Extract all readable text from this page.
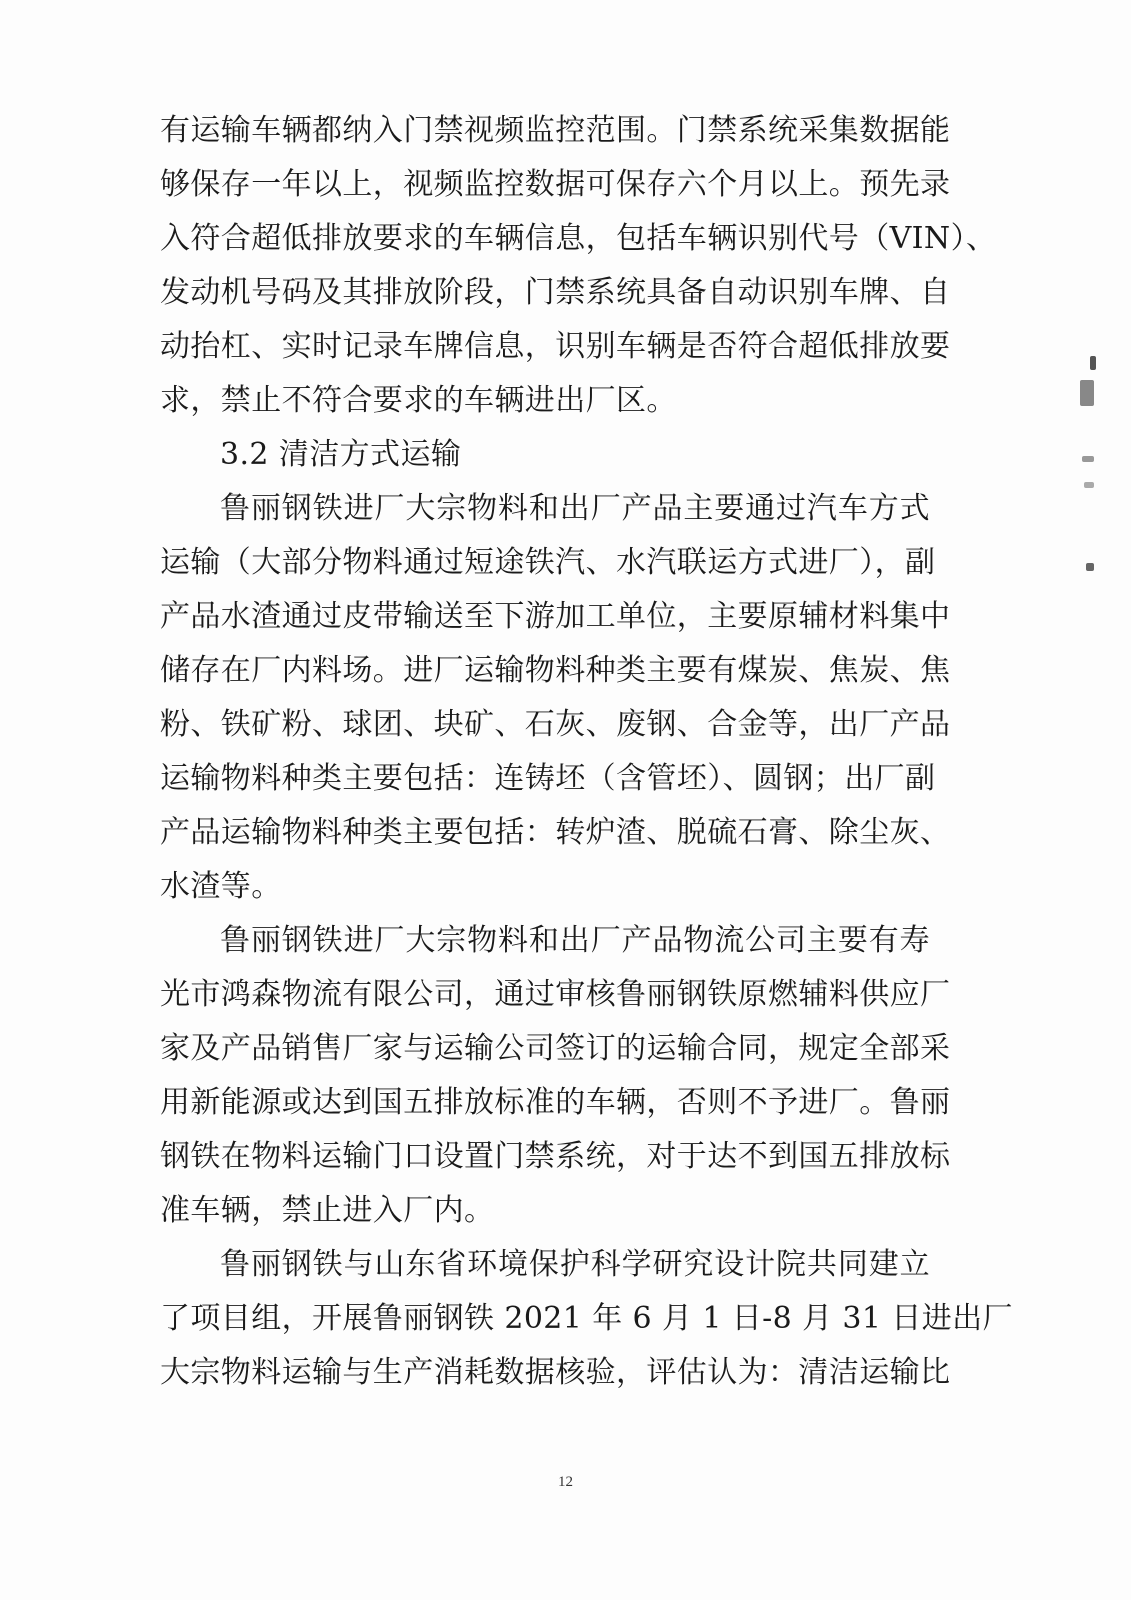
有运输车辆都纳入门禁视频监控范围。门禁系统采集数据能
够保存一年以上，视频监控数据可保存六个月以上。预先录
入符合超低排放要求的车辆信息，包括车辆识别代号（VIN）、
发动机号码及其排放阶段，门禁系统具备自动识别车牌、自
动抬杠、实时记录车牌信息，识别车辆是否符合超低排放要
求，禁止不符合要求的车辆进出厂区。
3.2 清洁方式运输
鲁丽钢铁进厂大宗物料和出厂产品主要通过汽车方式
运输（大部分物料通过短途铁汽、水汽联运方式进厂），副
产品水渣通过皮带输送至下游加工单位，主要原辅材料集中
储存在厂内料场。进厂运输物料种类主要有煤炭、焦炭、焦
粉、铁矿粉、球团、块矿、石灰、废钢、合金等，出厂产品
运输物料种类主要包括：连铸坯（含管坯）、圆钢；出厂副
产品运输物料种类主要包括：转炉渣、脱硫石膏、除尘灰、
水渣等。
鲁丽钢铁进厂大宗物料和出厂产品物流公司主要有寿
光市鸿森物流有限公司，通过审核鲁丽钢铁原燃辅料供应厂
家及产品销售厂家与运输公司签订的运输合同，规定全部采
用新能源或达到国五排放标准的车辆，否则不予进厂。鲁丽
钢铁在物料运输门口设置门禁系统，对于达不到国五排放标
准车辆，禁止进入厂内。
鲁丽钢铁与山东省环境保护科学研究设计院共同建立
了项目组，开展鲁丽钢铁 2021 年 6 月 1 日-8 月 31 日进出厂
大宗物料运输与生产消耗数据核验，评估认为：清洁运输比
12
